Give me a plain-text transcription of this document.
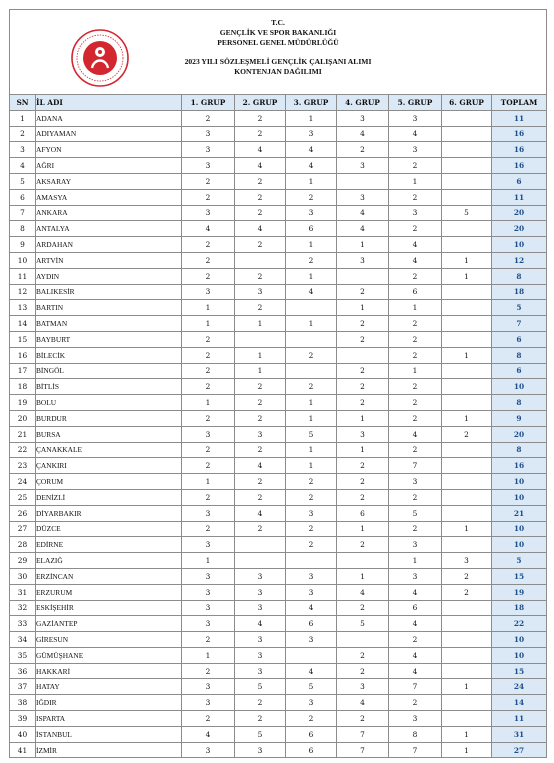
T.C.
GENÇLİK VE SPOR BAKANLIĞI
PERSONEL GENEL MÜDÜRLÜĞÜ
2023 YILI SÖZLEŞMELİ GENÇLİK ÇALIŞANI ALIMI
KONTENJAN DAĞILIMI								

SN	İL ADI	1. GRUP	2. GRUP	3. GRUP	4. GRUP	5. GRUP	6. GRUP	TOPLAM
1	ADANA	2	2	1	3	3		11
2	ADIYAMAN	3	2	3	4	4		16
3	AFYON	3	4	4	2	3		16
4	AĞRI	3	4	4	3	2		16
5	AKSARAY	2	2	1		1		6
6	AMASYA	2	2	2	3	2		11
7	ANKARA	3	2	3	4	3	5	20
8	ANTALYA	4	4	6	4	2		20
9	ARDAHAN	2	2	1	1	4		10
10	ARTVİN	2		2	3	4	1	12
11	AYDIN	2	2	1		2	1	8
12	BALIKESİR	3	3	4	2	6		18
13	BARTIN	1	2		1	1		5
14	BATMAN	1	1	1	2	2		7
15	BAYBURT	2			2	2		6
16	BİLECİK	2	1	2		2	1	8
17	BİNGÖL	2	1		2	1		6
18	BİTLİS	2	2	2	2	2		10
19	BOLU	1	2	1	2	2		8
20	BURDUR	2	2	1	1	2	1	9
21	BURSA	3	3	5	3	4	2	20
22	ÇANAKKALE	2	2	1	1	2		8
23	ÇANKIRI	2	4	1	2	7		16
24	ÇORUM	1	2	2	2	3		10
25	DENİZLİ	2	2	2	2	2		10
26	DİYARBAKIR	3	4	3	6	5		21
27	DÜZCE	2	2	2	1	2	1	10
28	EDİRNE	3		2	2	3		10
29	ELAZIĞ	1				1	3	5
30	ERZİNCAN	3	3	3	1	3	2	15
31	ERZURUM	3	3	3	4	4	2	19
32	ESKİŞEHİR	3	3	4	2	6		18
33	GAZİANTEP	3	4	6	5	4		22
34	GİRESUN	2	3	3		2		10
35	GÜMÜŞHANE	1	3		2	4		10
36	HAKKARİ	2	3	4	2	4		15
37	HATAY	3	5	5	3	7	1	24
38	IĞDIR	3	2	3	4	2		14
39	ISPARTA	2	2	2	2	3		11
40	İSTANBUL	4	5	6	7	8	1	31
41	İZMİR	3	3	6	7	7	1	27
